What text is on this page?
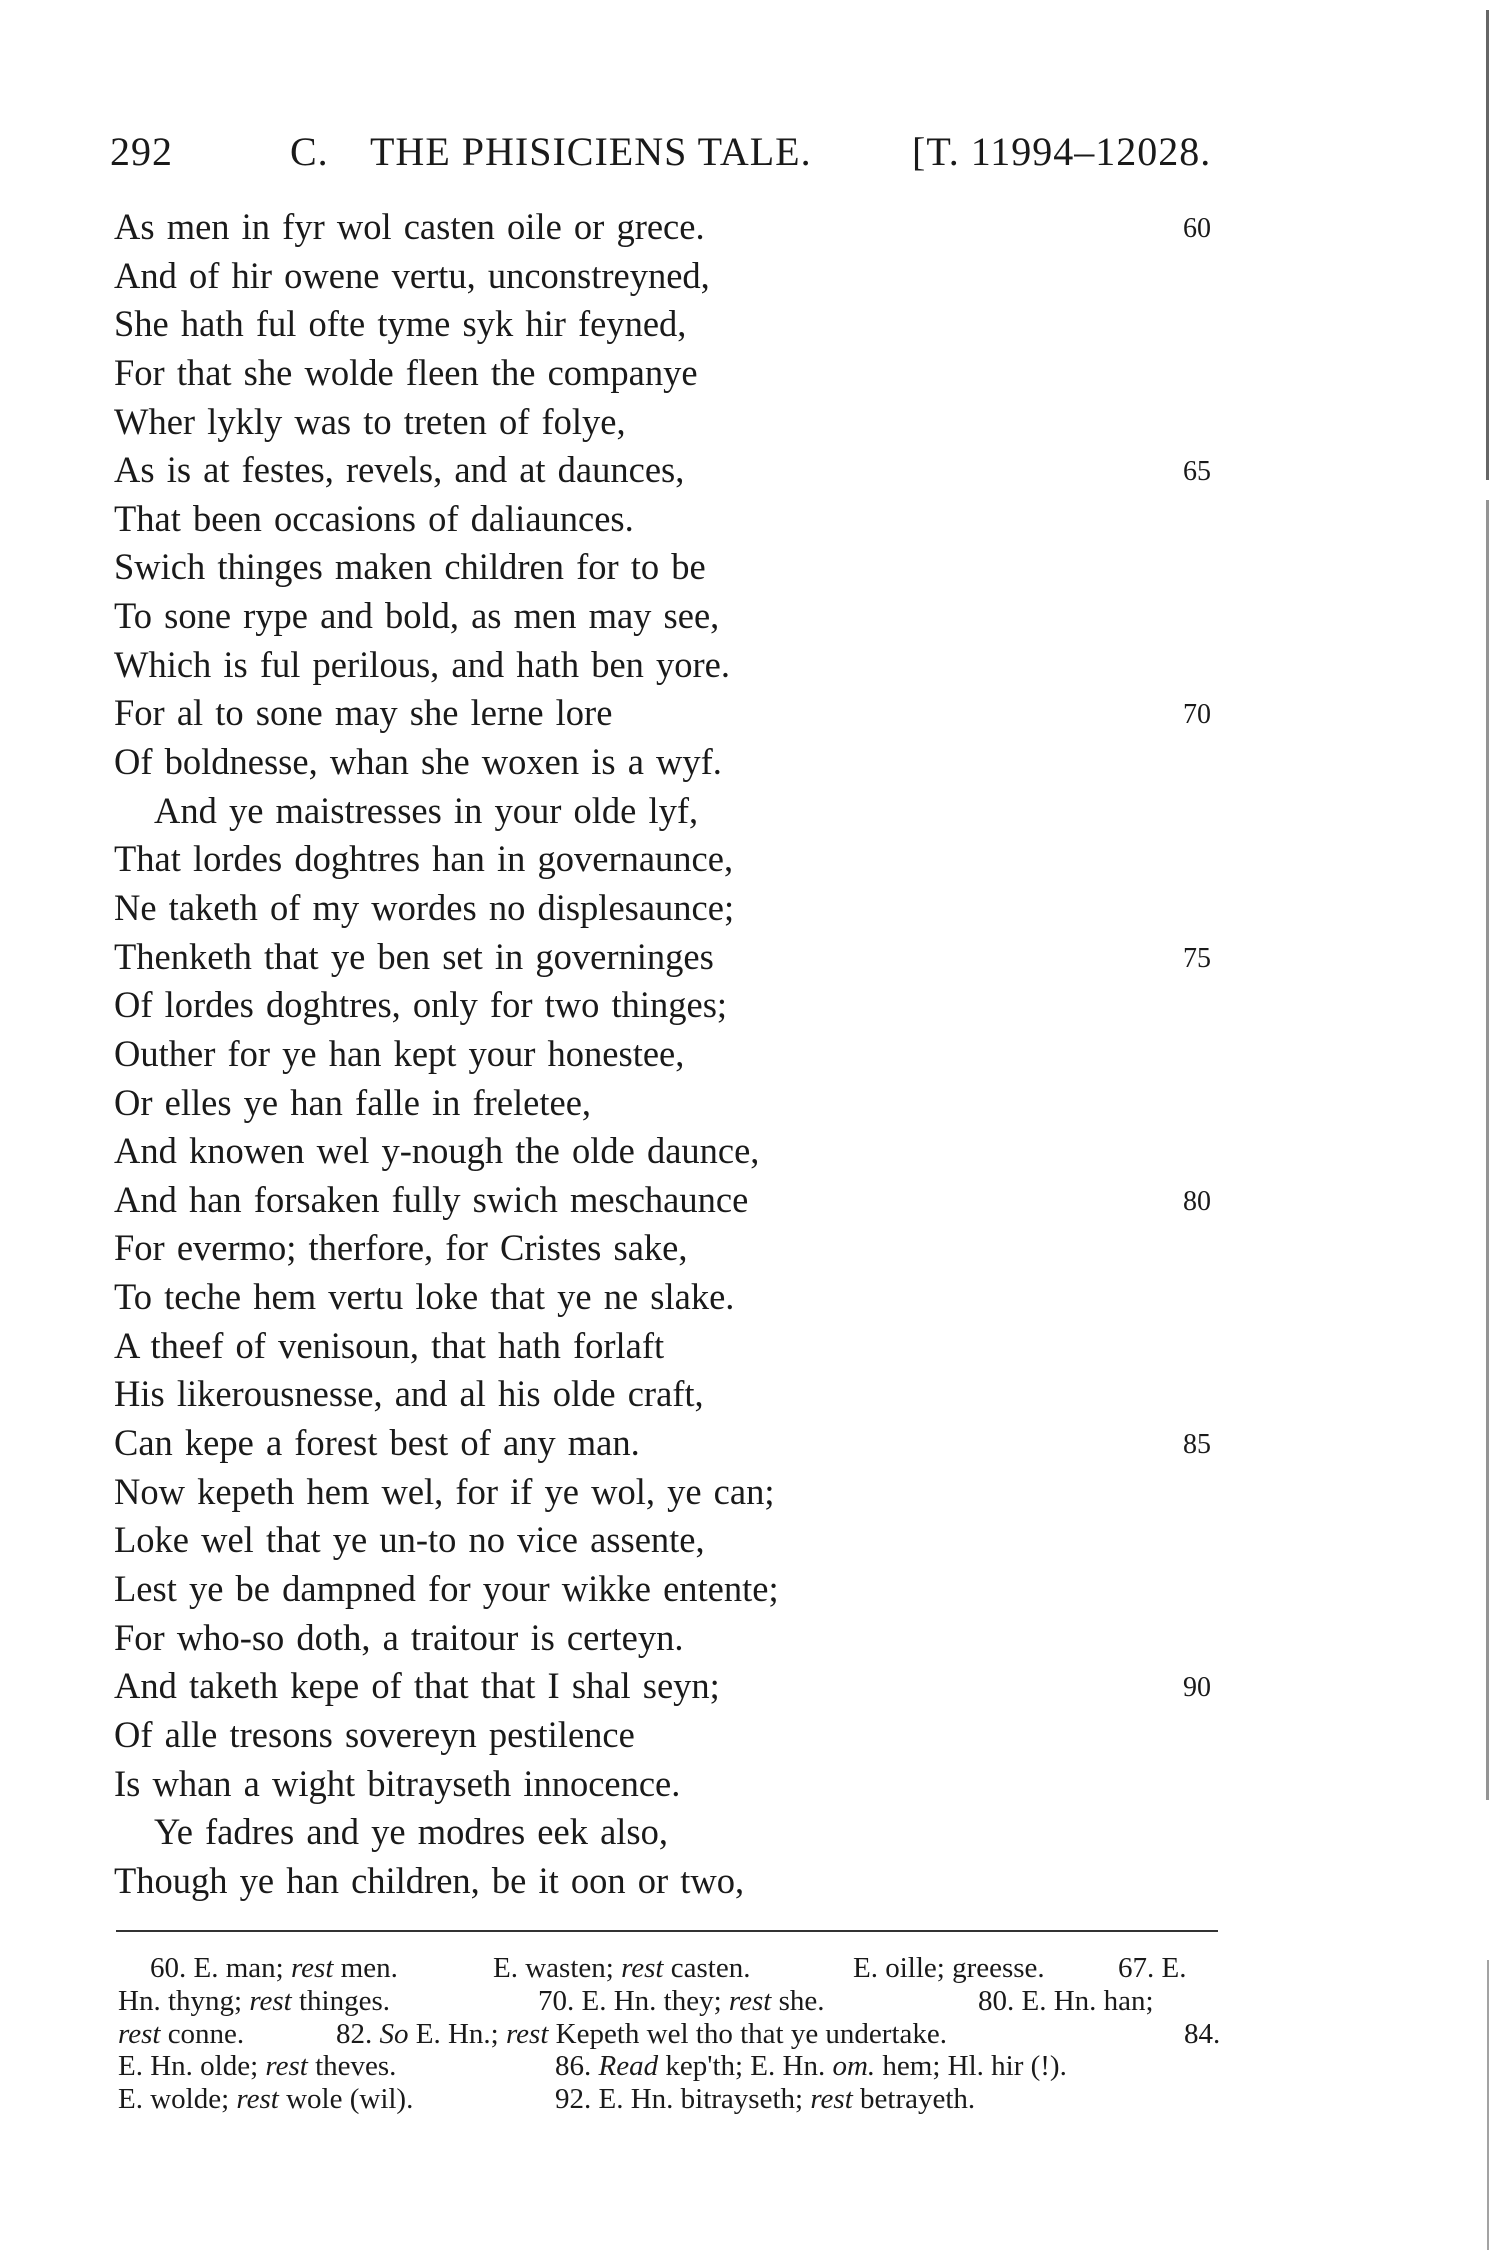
292	C. THE PHISICIENS TALE.	[T. 11994–12028.
As men in fyr wol casten oile or grece.	60
And of hir owene vertu, unconstreyned,
She hath ful ofte tyme syk hir feyned,
For that she wolde fleen the companye
Wher lykly was to treten of folye,
As is at festes, revels, and at daunces,	65
That been occasions of daliaunces.
Swich thinges maken children for to be
To sone rype and bold, as men may see,
Which is ful perilous, and hath ben yore.
For al to sone may she lerne lore	70
Of boldnesse, whan she woxen is a wyf.
And ye maistresses in your olde lyf,
That lordes doghtres han in governaunce,
Ne taketh of my wordes no displesaunce;
Thenketh that ye ben set in governinges	75
Of lordes doghtres, only for two thinges;
Outher for ye han kept your honestee,
Or elles ye han falle in freletee,
And knowen wel y-nough the olde daunce,
And han forsaken fully swich meschaunce	80
For evermo; therfore, for Cristes sake,
To teche hem vertu loke that ye ne slake.
A theef of venisoun, that hath forlaft
His likerousnesse, and al his olde craft,
Can kepe a forest best of any man.	85
Now kepeth hem wel, for if ye wol, ye can;
Loke wel that ye un-to no vice assente,
Lest ye be dampned for your wikke entente;
For who-so doth, a traitour is certeyn.
And taketh kepe of that that I shal seyn;	90
Of alle tresons sovereyn pestilence
Is whan a wight bitrayseth innocence.
Ye fadres and ye modres eek also,
Though ye han children, be it oon or two,
60. E. man; rest men.	E. wasten; rest casten.	E. oille; greesse.	67. E.
Hn. thyng; rest thinges.	70. E. Hn. they; rest she.	80. E. Hn. han;
rest conne.	82. So E. Hn.; rest Kepeth wel tho that ye undertake.	84.
E. Hn. olde; rest theves.	86. Read kep'th; E. Hn. om. hem; Hl. hir (!).
E. wolde; rest wole (wil).	92. E. Hn. bitrayseth; rest betrayeth.
